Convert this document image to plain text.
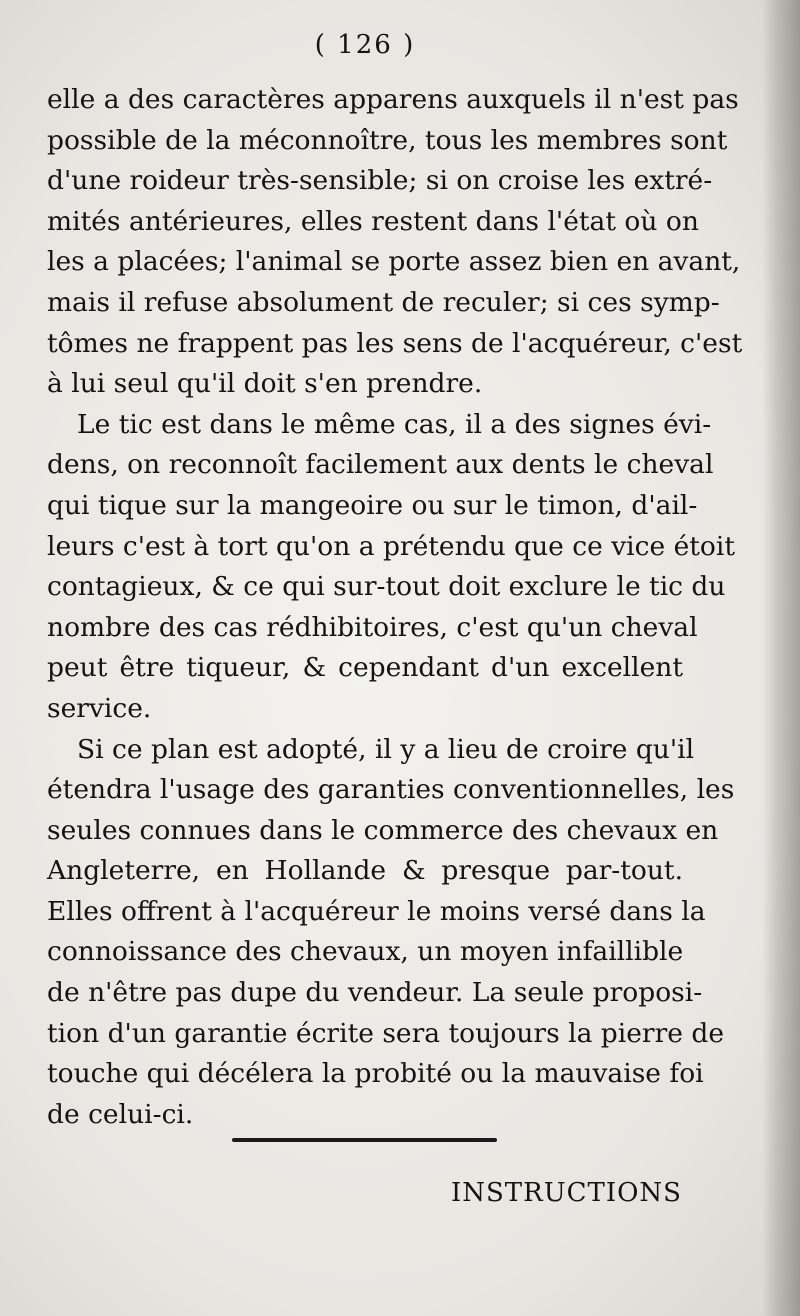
( 126 )

elle a des caractères apparens auxquels il n'est pas
possible de la méconnoître, tous les membres sont
d'une roideur très-sensible; si on croise les extré-
mités antérieures, elles restent dans l'état où on
les a placées; l'animal se porte assez bien en avant,
mais il refuse absolument de reculer; si ces symp-
tômes ne frappent pas les sens de l'acquéreur, c'est
à lui seul qu'il doit s'en prendre.

Le tic est dans le même cas, il a des signes évi-
dens, on reconnoît facilement aux dents le cheval
qui tique sur la mangeoire ou sur le timon, d'ail-
leurs c'est à tort qu'on a prétendu que ce vice étoit
contagieux, & ce qui sur-tout doit exclure le tic du
nombre des cas rédhibitoires, c'est qu'un cheval
peut être tiqueur, & cependant d'un excellent
service.

Si ce plan est adopté, il y a lieu de croire qu'il
étendra l'usage des garanties conventionnelles, les
seules connues dans le commerce des chevaux en
Angleterre, en Hollande & presque par-tout.
Elles offrent à l'acquéreur le moins versé dans la
connoissance des chevaux, un moyen infaillible
de n'être pas dupe du vendeur. La seule proposi-
tion d'un garantie écrite sera toujours la pierre de
touche qui décélera la probité ou la mauvaise foi
de celui-ci.

INSTRUCTIONS
